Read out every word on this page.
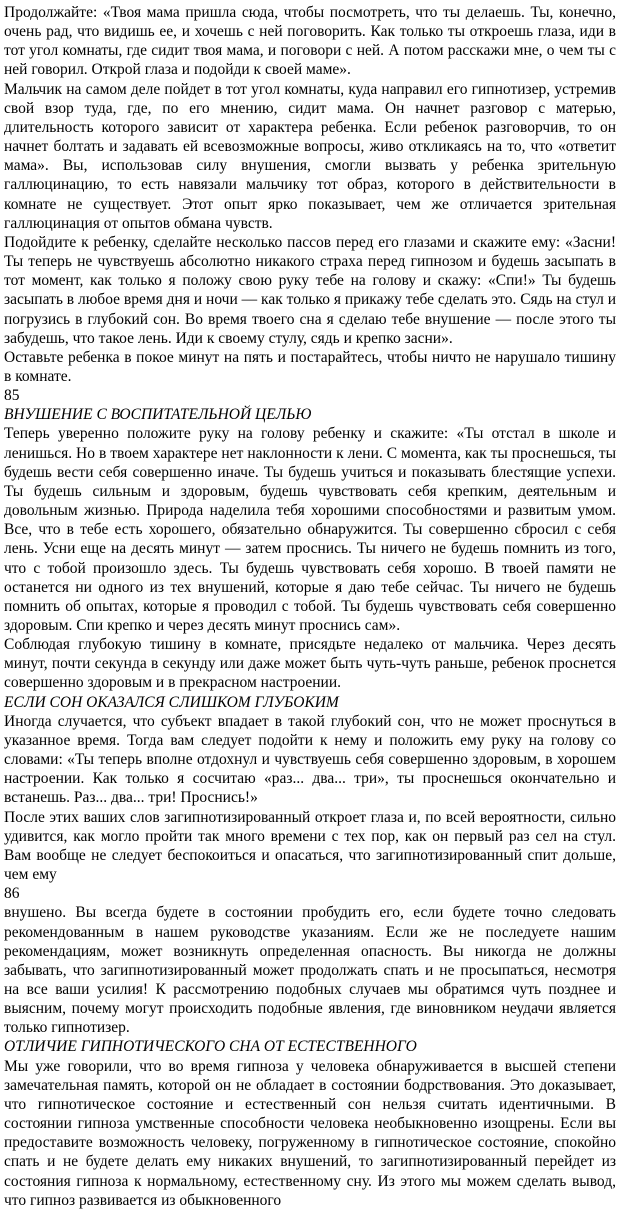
Продолжайте: «Твоя мама пришла сюда, чтобы посмотреть, что ты делаешь. Ты, конечно, очень рад, что видишь ее, и хочешь с ней поговорить. Как только ты откроешь глаза, иди в тот угол комнаты, где сидит твоя мама, и поговори с ней. А потом расскажи мне, о чем ты с ней говорил. Открой глаза и подойди к своей маме».

Мальчик на самом деле пойдет в тот угол комнаты, куда направил его гипнотизер, устремив свой взор туда, где, по его мнению, сидит мама. Он начнет разговор с матерью, длительность которого зависит от характера ребенка. Если ребенок разговорчив, то он начнет болтать и задавать ей всевозможные вопросы, живо откликаясь на то, что «ответит мама». Вы, использовав силу внушения, смогли вызвать у ребенка зрительную галлюцинацию, то есть навязали мальчику тот образ, которого в действительности в комнате не существует. Этот опыт ярко показывает, чем же отличается зрительная галлюцинация от опытов обмана чувств.

Подойдите к ребенку, сделайте несколько пассов перед его глазами и скажите ему: «Засни! Ты теперь не чувствуешь абсолютно никакого страха перед гипнозом и будешь засыпать в тот момент, как только я положу свою руку тебе на голову и скажу: «Спи!» Ты будешь засыпать в любое время дня и ночи — как только я прикажу тебе сделать это. Сядь на стул и погрузись в глубокий сон. Во время твоего сна я сделаю тебе внушение — после этого ты забудешь, что такое лень. Иди к своему стулу, сядь и крепко засни».

Оставьте ребенка в покое минут на пять и постарайтесь, чтобы ничто не нарушало тишину в комнате.

85

ВНУШЕНИЕ С ВОСПИТАТЕЛЬНОЙ ЦЕЛЬЮ

Теперь уверенно положите руку на голову ребенку и скажите: «Ты отстал в школе и ленишься. Но в твоем характере нет наклонности к лени. С момента, как ты проснешься, ты будешь вести себя совершенно иначе. Ты будешь учиться и показывать блестящие успехи. Ты будешь сильным и здоровым, будешь чувствовать себя крепким, деятельным и довольным жизнью. Природа наделила тебя хорошими способностями и развитым умом. Все, что в тебе есть хорошего, обязательно обнаружится. Ты совершенно сбросил с себя лень. Усни еще на десять минут — затем проснись. Ты ничего не будешь помнить из того, что с тобой произошло здесь. Ты будешь чувствовать себя хорошо. В твоей памяти не останется ни одного из тех внушений, которые я даю тебе сейчас. Ты ничего не будешь помнить об опытах, которые я проводил с тобой. Ты будешь чувствовать себя совершенно здоровым. Спи крепко и через десять минут проснись сам».

Соблюдая глубокую тишину в комнате, присядьте недалеко от мальчика. Через десять минут, почти секунда в секунду или даже может быть чуть-чуть раньше, ребенок проснется совершенно здоровым и в прекрасном настроении.

ЕСЛИ СОН ОКАЗАЛСЯ СЛИШКОМ ГЛУБОКИМ

Иногда случается, что субъект впадает в такой глубокий сон, что не может проснуться в указанное время. Тогда вам следует подойти к нему и положить ему руку на голову со словами: «Ты теперь вполне отдохнул и чувствуешь себя совершенно здоровым, в хорошем настроении. Как только я сосчитаю «раз... два... три», ты проснешься окончательно и встанешь. Раз... два... три! Проснись!»

После этих ваших слов загипнотизированный откроет глаза и, по всей вероятности, сильно удивится, как могло пройти так много времени с тех пор, как он первый раз сел на стул. Вам вообще не следует беспокоиться и опасаться, что загипнотизированный спит дольше, чем ему

86

внушено. Вы всегда будете в состоянии пробудить его, если будете точно следовать рекомендованным в нашем руководстве указаниям. Если же не последуете нашим рекомендациям, может возникнуть определенная опасность. Вы никогда не должны забывать, что загипнотизированный может продолжать спать и не просыпаться, несмотря на все ваши усилия! К рассмотрению подобных случаев мы обратимся чуть позднее и выясним, почему могут происходить подобные явления, где виновником неудачи является только гипнотизер.

ОТЛИЧИЕ ГИПНОТИЧЕСКОГО СНА ОТ ЕСТЕСТВЕННОГО

Мы уже говорили, что во время гипноза у человека обнаруживается в высшей степени замечательная память, которой он не обладает в состоянии бодрствования. Это доказывает, что гипнотическое состояние и естественный сон нельзя считать идентичными. В состоянии гипноза умственные способности человека необыкновенно изощрены. Если вы предоставите возможность человеку, погруженному в гипнотическое состояние, спокойно спать и не будете делать ему никаких внушений, то загипнотизированный перейдет из состояния гипноза к нормальному, естественному сну. Из этого мы можем сделать вывод, что гипноз развивается из обыкновенного
